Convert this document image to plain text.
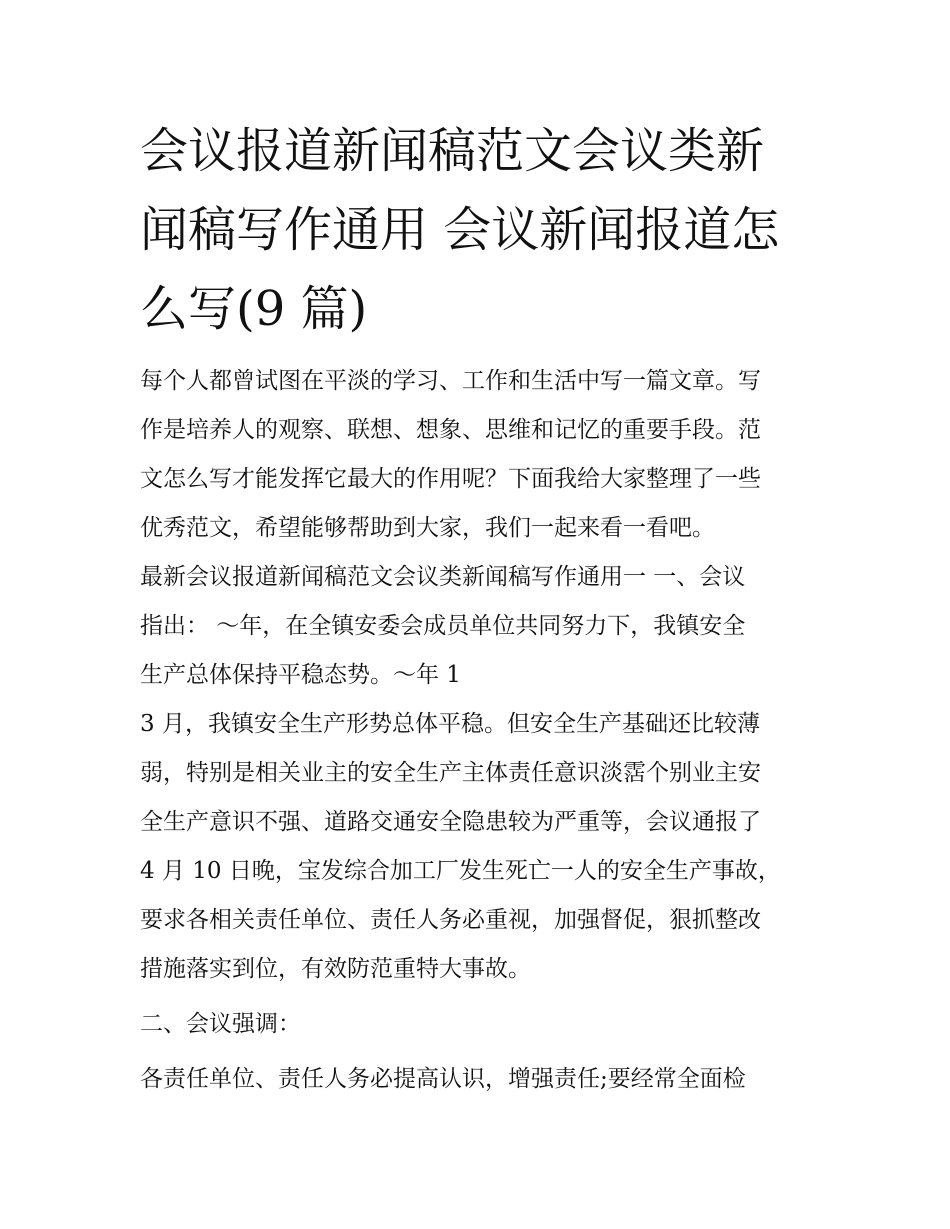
会议报道新闻稿范文会议类新
闻稿写作通用 会议新闻报道怎
么写(9 篇)

每个人都曾试图在平淡的学习、工作和生活中写一篇文章。写
作是培养人的观察、联想、想象、思维和记忆的重要手段。范
文怎么写才能发挥它最大的作用呢？下面我给大家整理了一些
优秀范文，希望能够帮助到大家，我们一起来看一看吧。

最新会议报道新闻稿范文会议类新闻稿写作通用一 一、会议
指出： ～年，在全镇安委会成员单位共同努力下，我镇安全
生产总体保持平稳态势。～年 1

3 月，我镇安全生产形势总体平稳。但安全生产基础还比较薄
弱，特别是相关业主的安全生产主体责任意识淡霑个别业主安
全生产意识不强、道路交通安全隐患较为严重等，会议通报了
4 月 10 日晚，宝发综合加工厂发生死亡一人的安全生产事故，
要求各相关责任单位、责任人务必重视，加强督促，狠抓整改
措施落实到位，有效防范重特大事故。

二、会议强调：

各责任单位、责任人务必提高认识，增强责任;要经常全面检
